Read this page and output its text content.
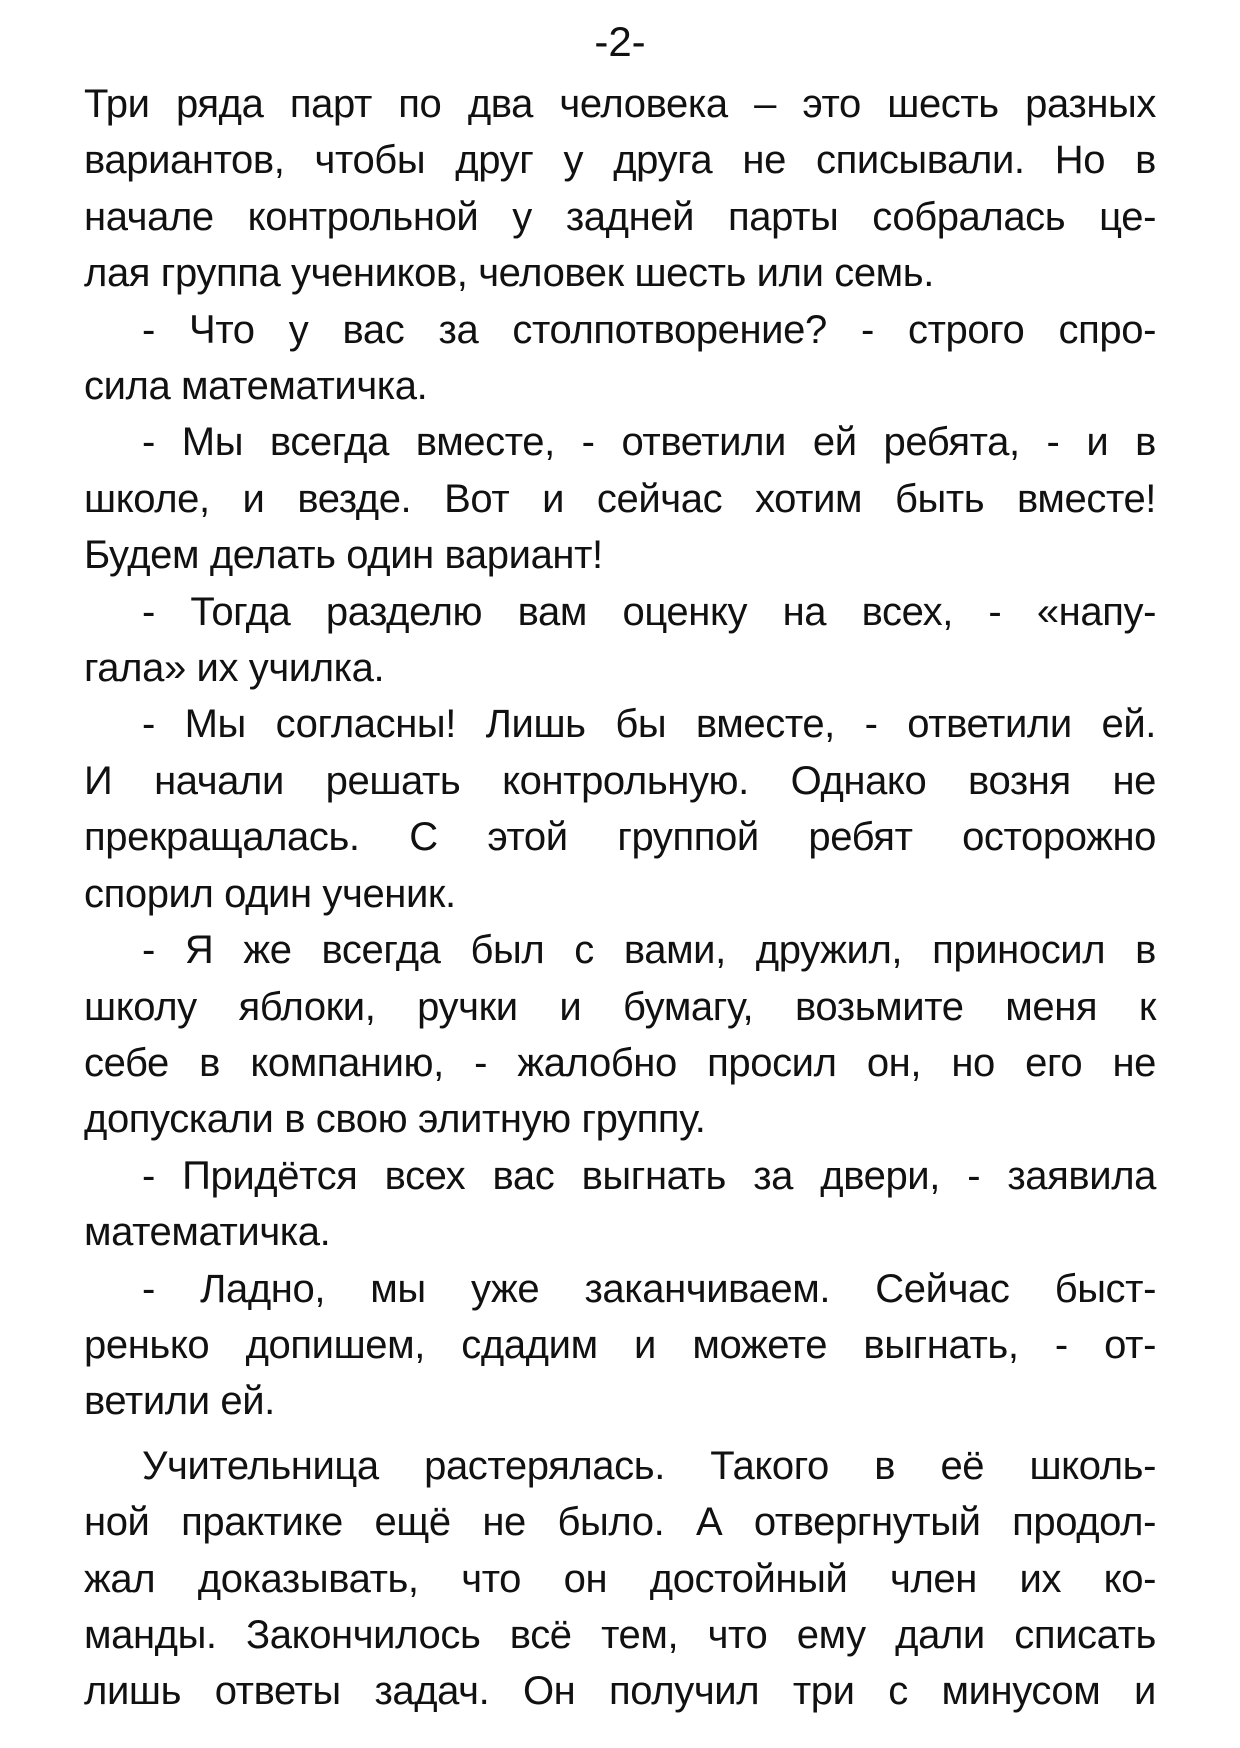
-2-
Три ряда парт по два человека – это шесть разных
вариантов, чтобы друг у друга не списывали. Но в
начале контрольной у задней парты собралась це-
лая группа учеников, человек шесть или семь.
- Что у вас за столпотворение? - строго спро-
сила математичка.
- Мы всегда вместе, - ответили ей ребята, - и в
школе, и везде. Вот и сейчас хотим быть вместе!
Будем делать один вариант!
- Тогда разделю вам оценку на всех, - «напу-
гала» их училка.
- Мы согласны! Лишь бы вместе, - ответили ей.
И начали решать контрольную. Однако возня не
прекращалась. С этой группой ребят осторожно
спорил один ученик.
- Я же всегда был с вами, дружил, приносил в
школу яблоки, ручки и бумагу, возьмите меня к
себе в компанию, - жалобно просил он, но его не
допускали в свою элитную группу.
- Придётся всех вас выгнать за двери, - заявила
математичка.
- Ладно, мы уже заканчиваем. Сейчас быст-
ренько допишем, сдадим и можете выгнать, - от-
ветили ей.
Учительница растерялась. Такого в её школь-
ной практике ещё не было. А отвергнутый продол-
жал доказывать, что он достойный член их ко-
манды. Закончилось всё тем, что ему дали списать
лишь ответы задач. Он получил три с минусом и
